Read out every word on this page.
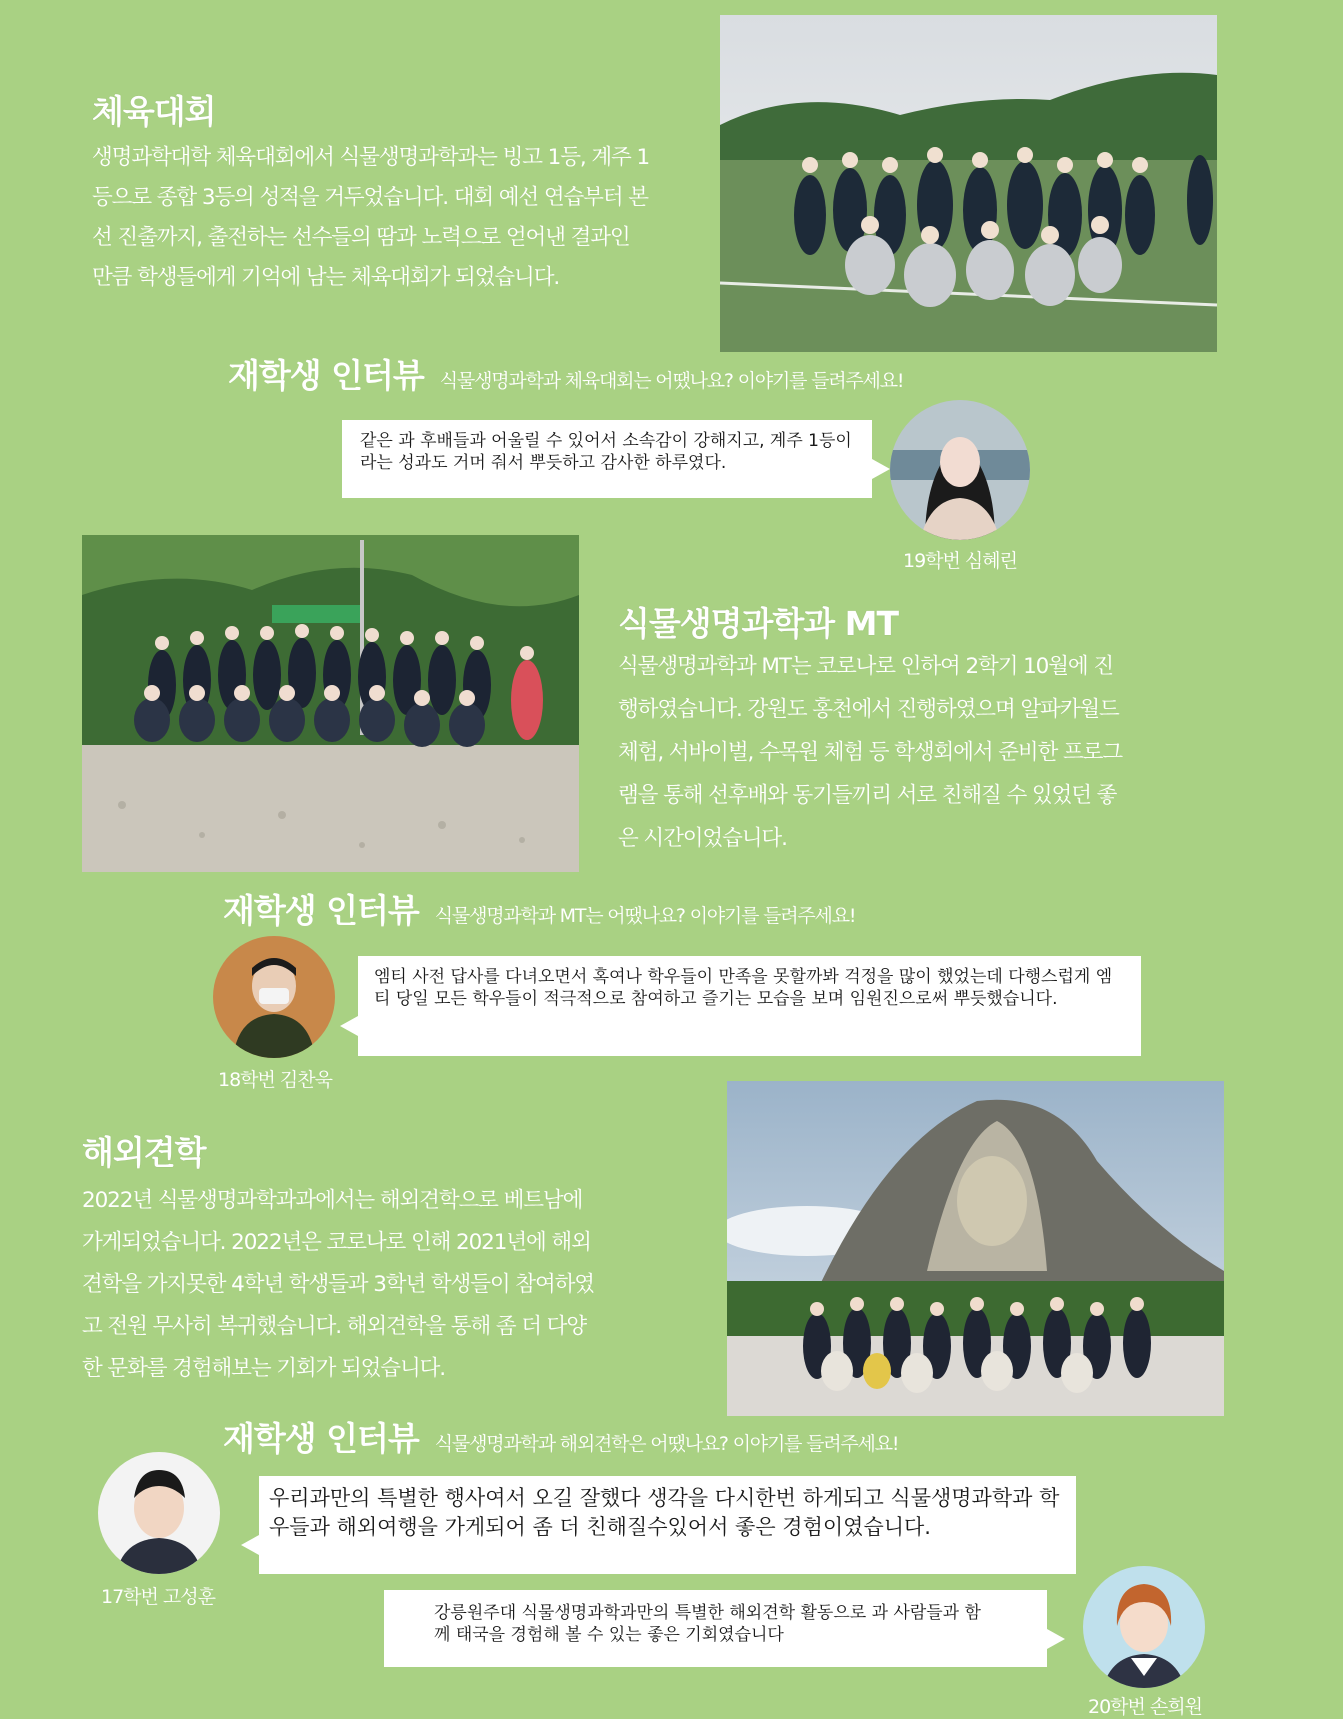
체육대회
생명과학대학 체육대회에서 식물생명과학과는 빙고 1등, 계주 1
등으로 종합 3등의 성적을 거두었습니다. 대회 예선 연습부터 본
선 진출까지, 출전하는 선수들의 땀과 노력으로 얻어낸 결과인
만큼 학생들에게 기억에 남는 체육대회가 되었습니다.
재학생 인터뷰 식물생명과학과 체육대회는 어땠나요? 이야기를 들려주세요!
같은 과 후배들과 어울릴 수 있어서 소속감이 강해지고, 계주 1등이라는 성과도 거머 줘서 뿌듯하고 감사한 하루였다.
19학번 심혜린
식물생명과학과 MT
식물생명과학과 MT는 코로나로 인하여 2학기 10월에 진
행하였습니다. 강원도 홍천에서 진행하였으며 알파카월드
체험, 서바이벌, 수목원 체험 등 학생회에서 준비한 프로그
램을 통해 선후배와 동기들끼리 서로 친해질 수 있었던 좋
은 시간이었습니다.
재학생 인터뷰 식물생명과학과 MT는 어땠나요? 이야기를 들려주세요!
18학번 김찬욱
엠티 사전 답사를 다녀오면서 혹여나 학우들이 만족을 못할까봐 걱정을 많이 했었는데 다행스럽게 엠티 당일 모든 학우들이 적극적으로 참여하고 즐기는 모습을 보며 임원진으로써 뿌듯했습니다.
해외견학
2022년 식물생명과학과과에서는 해외견학으로 베트남에
가게되었습니다. 2022년은 코로나로 인해 2021년에 해외
견학을 가지못한 4학년 학생들과 3학년 학생들이 참여하였
고 전원 무사히 복귀했습니다. 해외견학을 통해 좀 더 다양
한 문화를 경험해보는 기회가 되었습니다.
재학생 인터뷰 식물생명과학과 해외견학은 어땠나요? 이야기를 들려주세요!
17학번 고성훈
우리과만의 특별한 행사여서 오길 잘했다 생각을 다시한번 하게되고 식물생명과학과 학우들과 해외여행을 가게되어 좀 더 친해질수있어서 좋은 경험이였습니다.
강릉원주대 식물생명과학과만의 특별한 해외견학 활동으로 과 사람들과 함께 태국을 경험해 볼 수 있는 좋은 기회였습니다
20학번 손희원
